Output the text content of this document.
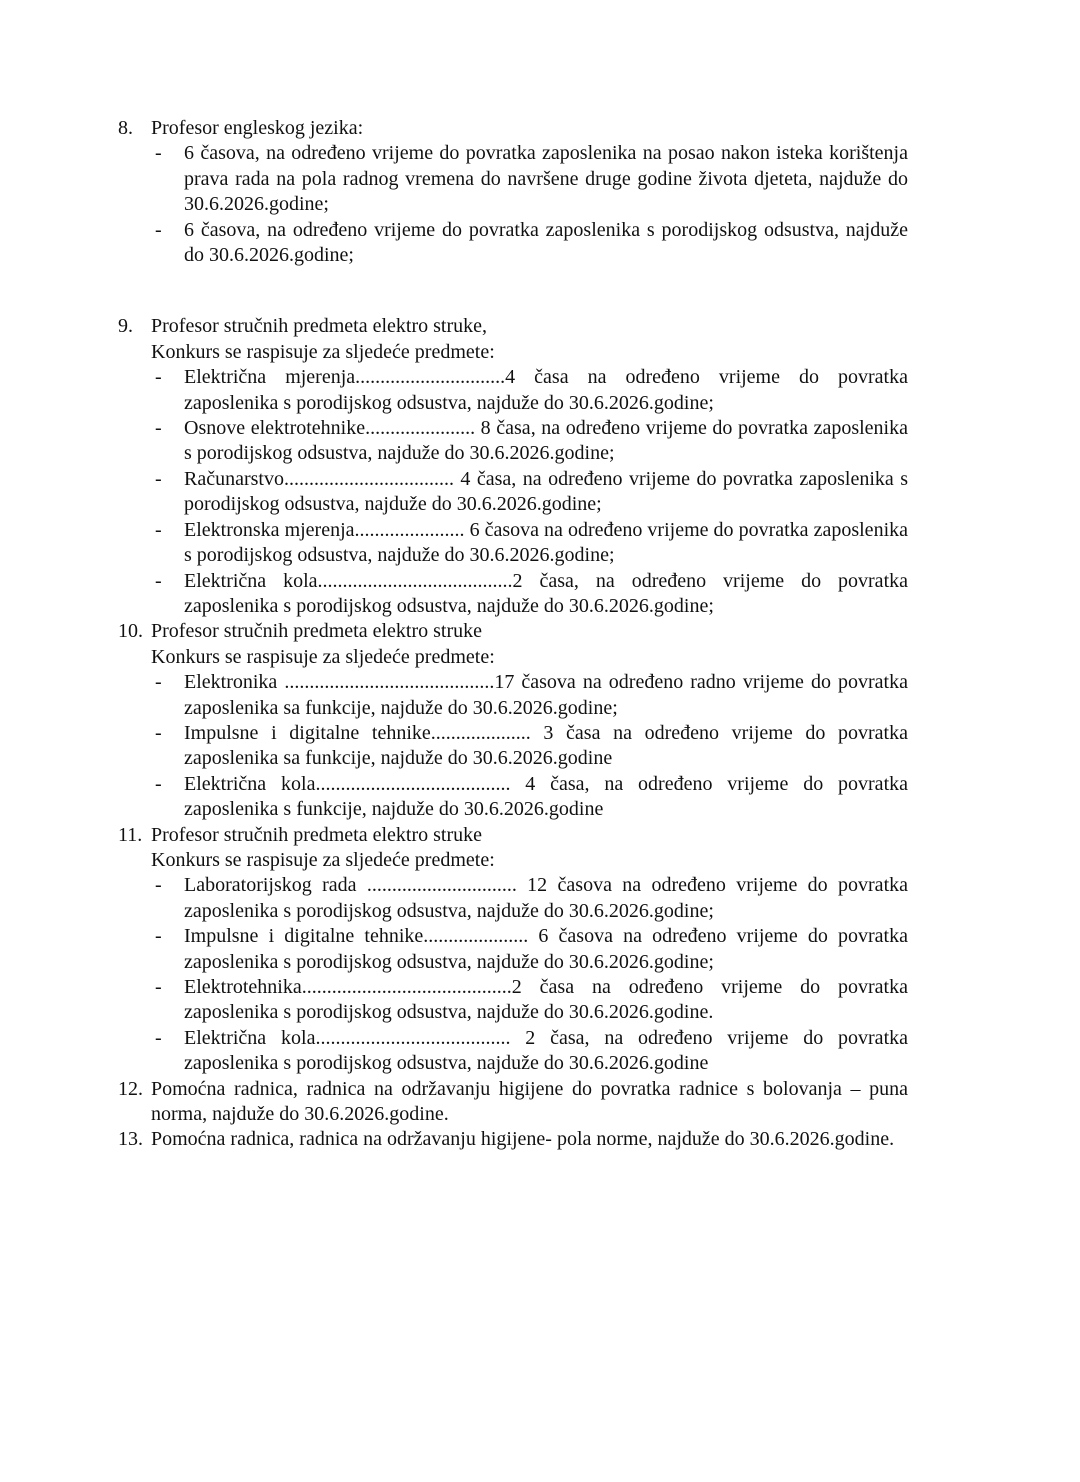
8. Profesor engleskog jezika:
-	6 časova, na određeno vrijeme do povratka zaposlenika na posao nakon isteka korištenja prava rada na pola radnog vremena do navršene druge godine života djeteta, najduže do 30.6.2026.godine;
-	6 časova, na određeno vrijeme do povratka zaposlenika s porodijskog odsustva, najduže do 30.6.2026.godine;
9. Profesor stručnih predmeta elektro struke,
Konkurs se raspisuje za sljedeće predmete:
-	Električna mjerenja..............................4 časa na određeno vrijeme do povratka zaposlenika s porodijskog odsustva, najduže do 30.6.2026.godine;
-	Osnove elektrotehnike...................... 8 časa, na određeno vrijeme do povratka zaposlenika s porodijskog odsustva, najduže do 30.6.2026.godine;
-	Računarstvo.................................. 4 časa, na određeno vrijeme do povratka zaposlenika s porodijskog odsustva, najduže do 30.6.2026.godine;
-	Elektronska mjerenja...................... 6 časova na određeno vrijeme do povratka zaposlenika s porodijskog odsustva, najduže do 30.6.2026.godine;
-	Električna kola.......................................2 časa, na određeno vrijeme do povratka zaposlenika s porodijskog odsustva, najduže do 30.6.2026.godine;
10. Profesor stručnih predmeta elektro struke
Konkurs se raspisuje za sljedeće predmete:
-	Elektronika ..........................................17 časova na određeno radno vrijeme do povratka zaposlenika sa funkcije, najduže do 30.6.2026.godine;
-	Impulsne i digitalne tehnike.................... 3 časa na određeno vrijeme do povratka zaposlenika sa funkcije, najduže do 30.6.2026.godine
-	Električna kola....................................... 4 časa, na određeno vrijeme do povratka zaposlenika s funkcije, najduže do 30.6.2026.godine
11. Profesor stručnih predmeta elektro struke
Konkurs se raspisuje za sljedeće predmete:
-	Laboratorijskog rada .............................. 12 časova na određeno vrijeme do povratka zaposlenika s porodijskog odsustva, najduže do 30.6.2026.godine;
-	Impulsne i digitalne tehnike..................... 6 časova na određeno vrijeme do povratka zaposlenika s porodijskog odsustva, najduže do 30.6.2026.godine;
-	Elektrotehnika..........................................2 časa na određeno vrijeme do povratka zaposlenika s porodijskog odsustva, najduže do 30.6.2026.godine.
-	Električna kola....................................... 2 časa, na određeno vrijeme do povratka zaposlenika s porodijskog odsustva, najduže do 30.6.2026.godine
12. Pomoćna radnica, radnica na održavanju higijene do povratka radnice s bolovanja – puna norma, najduže do 30.6.2026.godine.
13. Pomoćna radnica, radnica na održavanju higijene- pola norme, najduže do 30.6.2026.godine.
